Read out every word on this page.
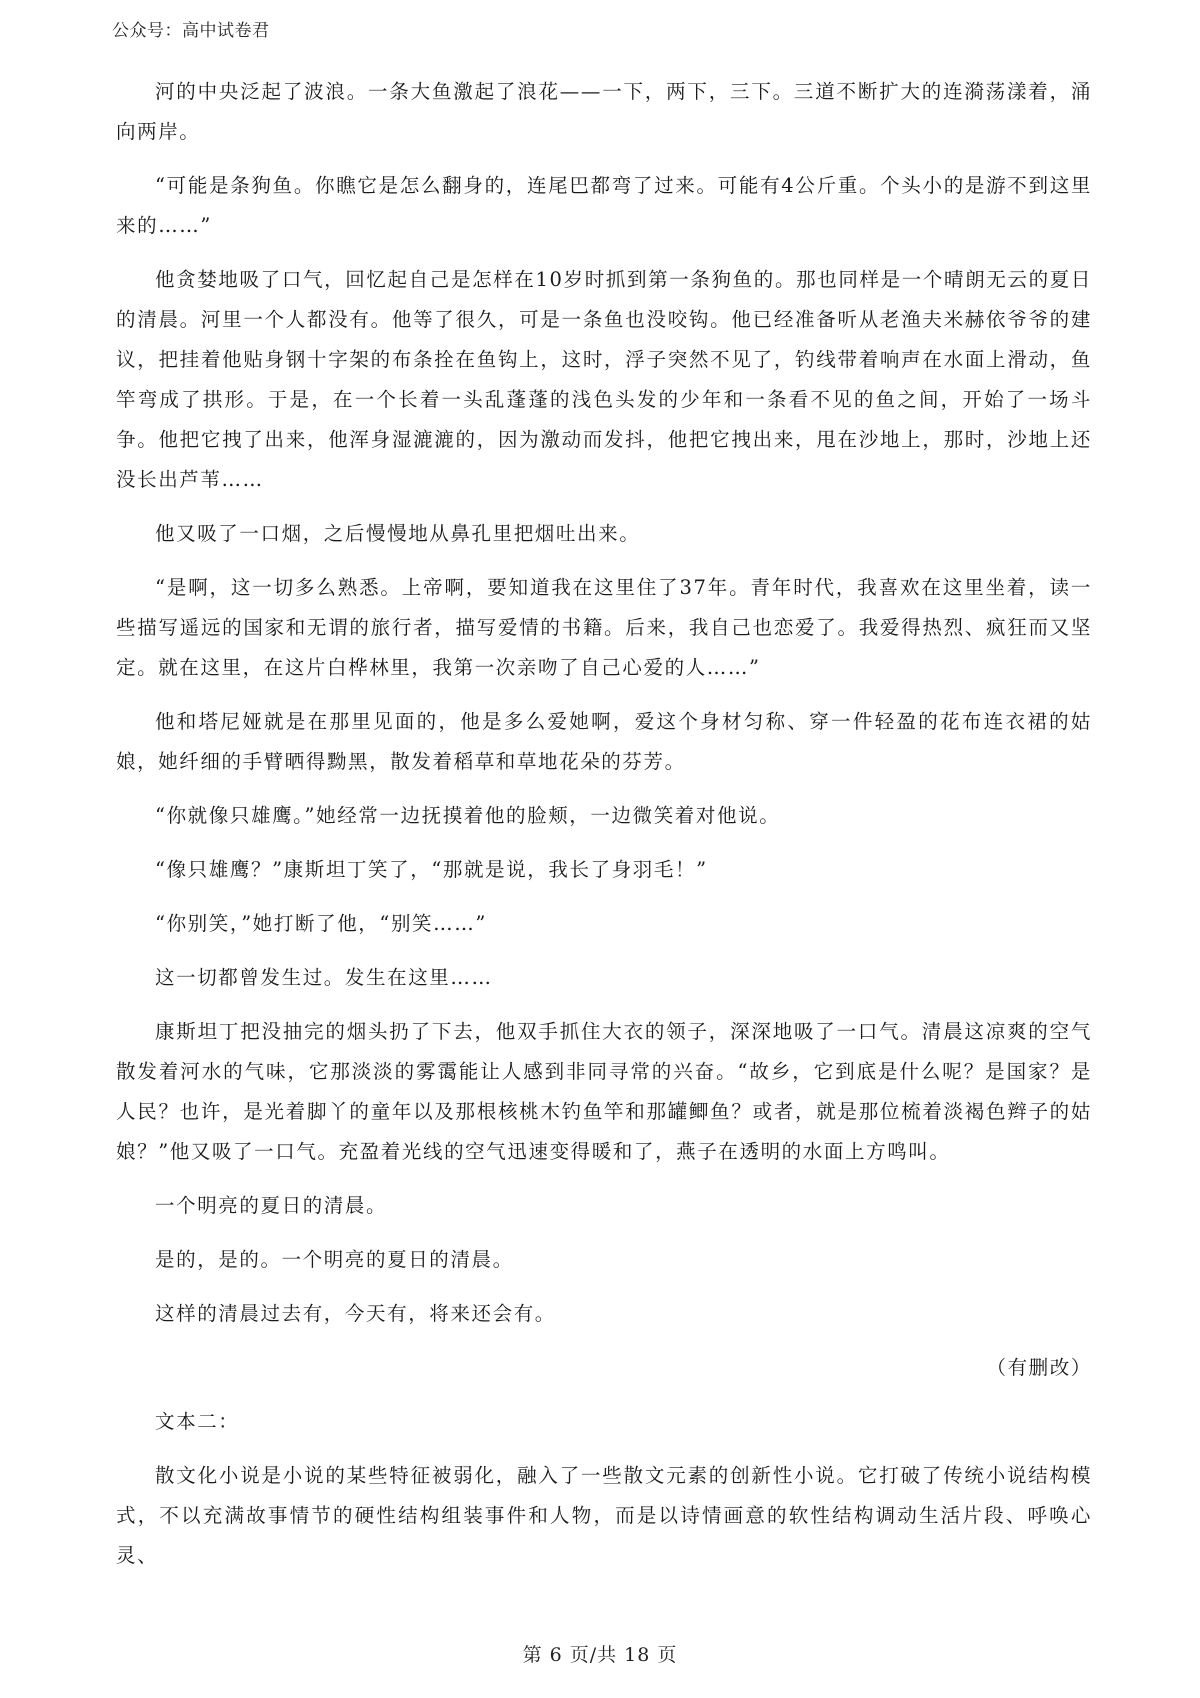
公众号：高中试卷君

河的中央泛起了波浪。一条大鱼激起了浪花——一下，两下，三下。三道不断扩大的连漪荡漾着，涌向两岸。

“可能是条狗鱼。你瞧它是怎么翻身的，连尾巴都弯了过来。可能有4公斤重。个头小的是游不到这里来的……”

他贪婪地吸了口气，回忆起自己是怎样在10岁时抓到第一条狗鱼的。那也同样是一个晴朗无云的夏日的清晨。河里一个人都没有。他等了很久，可是一条鱼也没咬钩。他已经准备听从老渔夫米赫依爷爷的建议，把挂着他贴身钢十字架的布条拴在鱼钩上，这时，浮子突然不见了，钓线带着响声在水面上滑动，鱼竿弯成了拱形。于是，在一个长着一头乱蓬蓬的浅色头发的少年和一条看不见的鱼之间，开始了一场斗争。他把它拽了出来，他浑身湿漉漉的，因为激动而发抖，他把它拽出来，甩在沙地上，那时，沙地上还没长出芦苇……

他又吸了一口烟，之后慢慢地从鼻孔里把烟吐出来。

“是啊，这一切多么熟悉。上帝啊，要知道我在这里住了37年。青年时代，我喜欢在这里坐着，读一些描写遥远的国家和无谓的旅行者，描写爱情的书籍。后来，我自己也恋爱了。我爱得热烈、疯狂而又坚定。就在这里，在这片白桦林里，我第一次亲吻了自己心爱的人……”

他和塔尼娅就是在那里见面的，他是多么爱她啊，爱这个身材匀称、穿一件轻盈的花布连衣裙的姑娘，她纤细的手臂晒得黝黑，散发着稻草和草地花朵的芬芳。

“你就像只雄鹰。”她经常一边抚摸着他的脸颊，一边微笑着对他说。

“像只雄鹰？”康斯坦丁笑了，“那就是说，我长了身羽毛！”

“你别笑，”她打断了他，“别笑……”

这一切都曾发生过。发生在这里……

康斯坦丁把没抽完的烟头扔了下去，他双手抓住大衣的领子，深深地吸了一口气。清晨这凉爽的空气散发着河水的气味，它那淡淡的雾霭能让人感到非同寻常的兴奋。“故乡，它到底是什么呢？是国家？是人民？也许，是光着脚丫的童年以及那根核桃木钓鱼竿和那罐鲫鱼？或者，就是那位梳着淡褐色辫子的姑娘？”他又吸了一口气。充盈着光线的空气迅速变得暖和了，燕子在透明的水面上方鸣叫。

一个明亮的夏日的清晨。

是的，是的。一个明亮的夏日的清晨。

这样的清晨过去有，今天有，将来还会有。

（有删改）

文本二：

散文化小说是小说的某些特征被弱化，融入了一些散文元素的创新性小说。它打破了传统小说结构模式，不以充满故事情节的硬性结构组装事件和人物，而是以诗情画意的软性结构调动生活片段、呼唤心灵、

第 6 页/共 18 页
